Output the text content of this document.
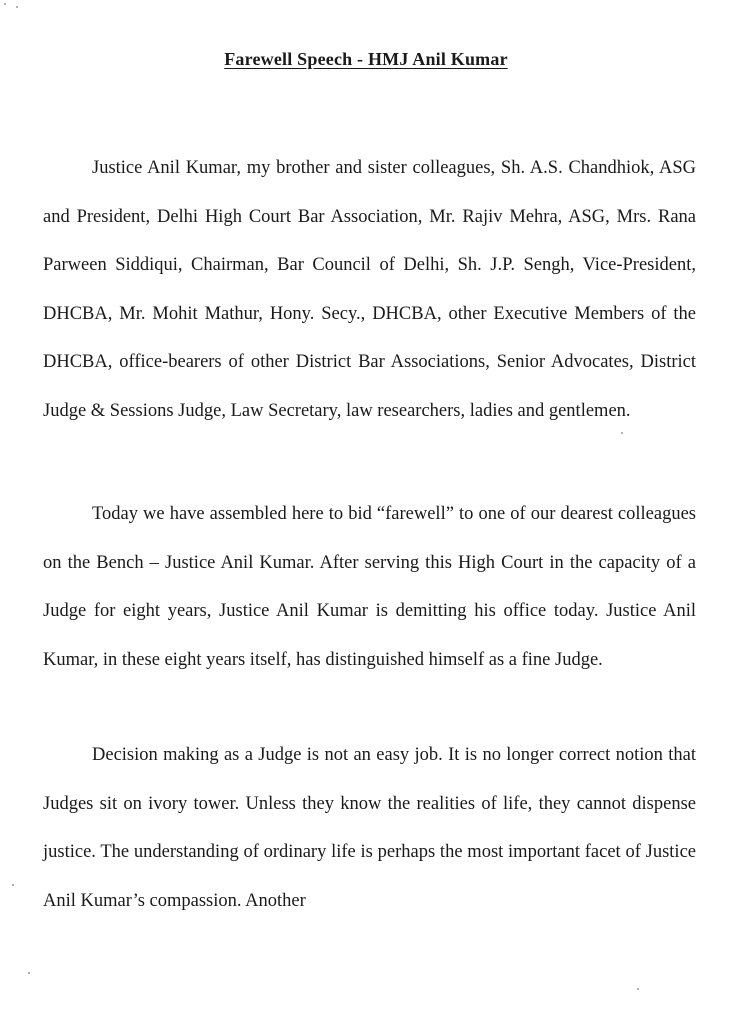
Farewell Speech - HMJ Anil Kumar

Justice Anil Kumar, my brother and sister colleagues, Sh. A.S. Chandhiok, ASG and President, Delhi High Court Bar Association, Mr. Rajiv Mehra, ASG, Mrs. Rana Parween Siddiqui, Chairman, Bar Council of Delhi, Sh. J.P. Sengh, Vice-President, DHCBA, Mr. Mohit Mathur, Hony. Secy., DHCBA, other Executive Members of the DHCBA, office-bearers of other District Bar Associations, Senior Advocates, District Judge & Sessions Judge, Law Secretary, law researchers, ladies and gentlemen.

Today we have assembled here to bid “farewell” to one of our dearest colleagues on the Bench – Justice Anil Kumar. After serving this High Court in the capacity of a Judge for eight years, Justice Anil Kumar is demitting his office today. Justice Anil Kumar, in these eight years itself, has distinguished himself as a fine Judge.

Decision making as a Judge is not an easy job. It is no longer correct notion that Judges sit on ivory tower. Unless they know the realities of life, they cannot dispense justice. The understanding of ordinary life is perhaps the most important facet of Justice Anil Kumar’s compassion. Another
